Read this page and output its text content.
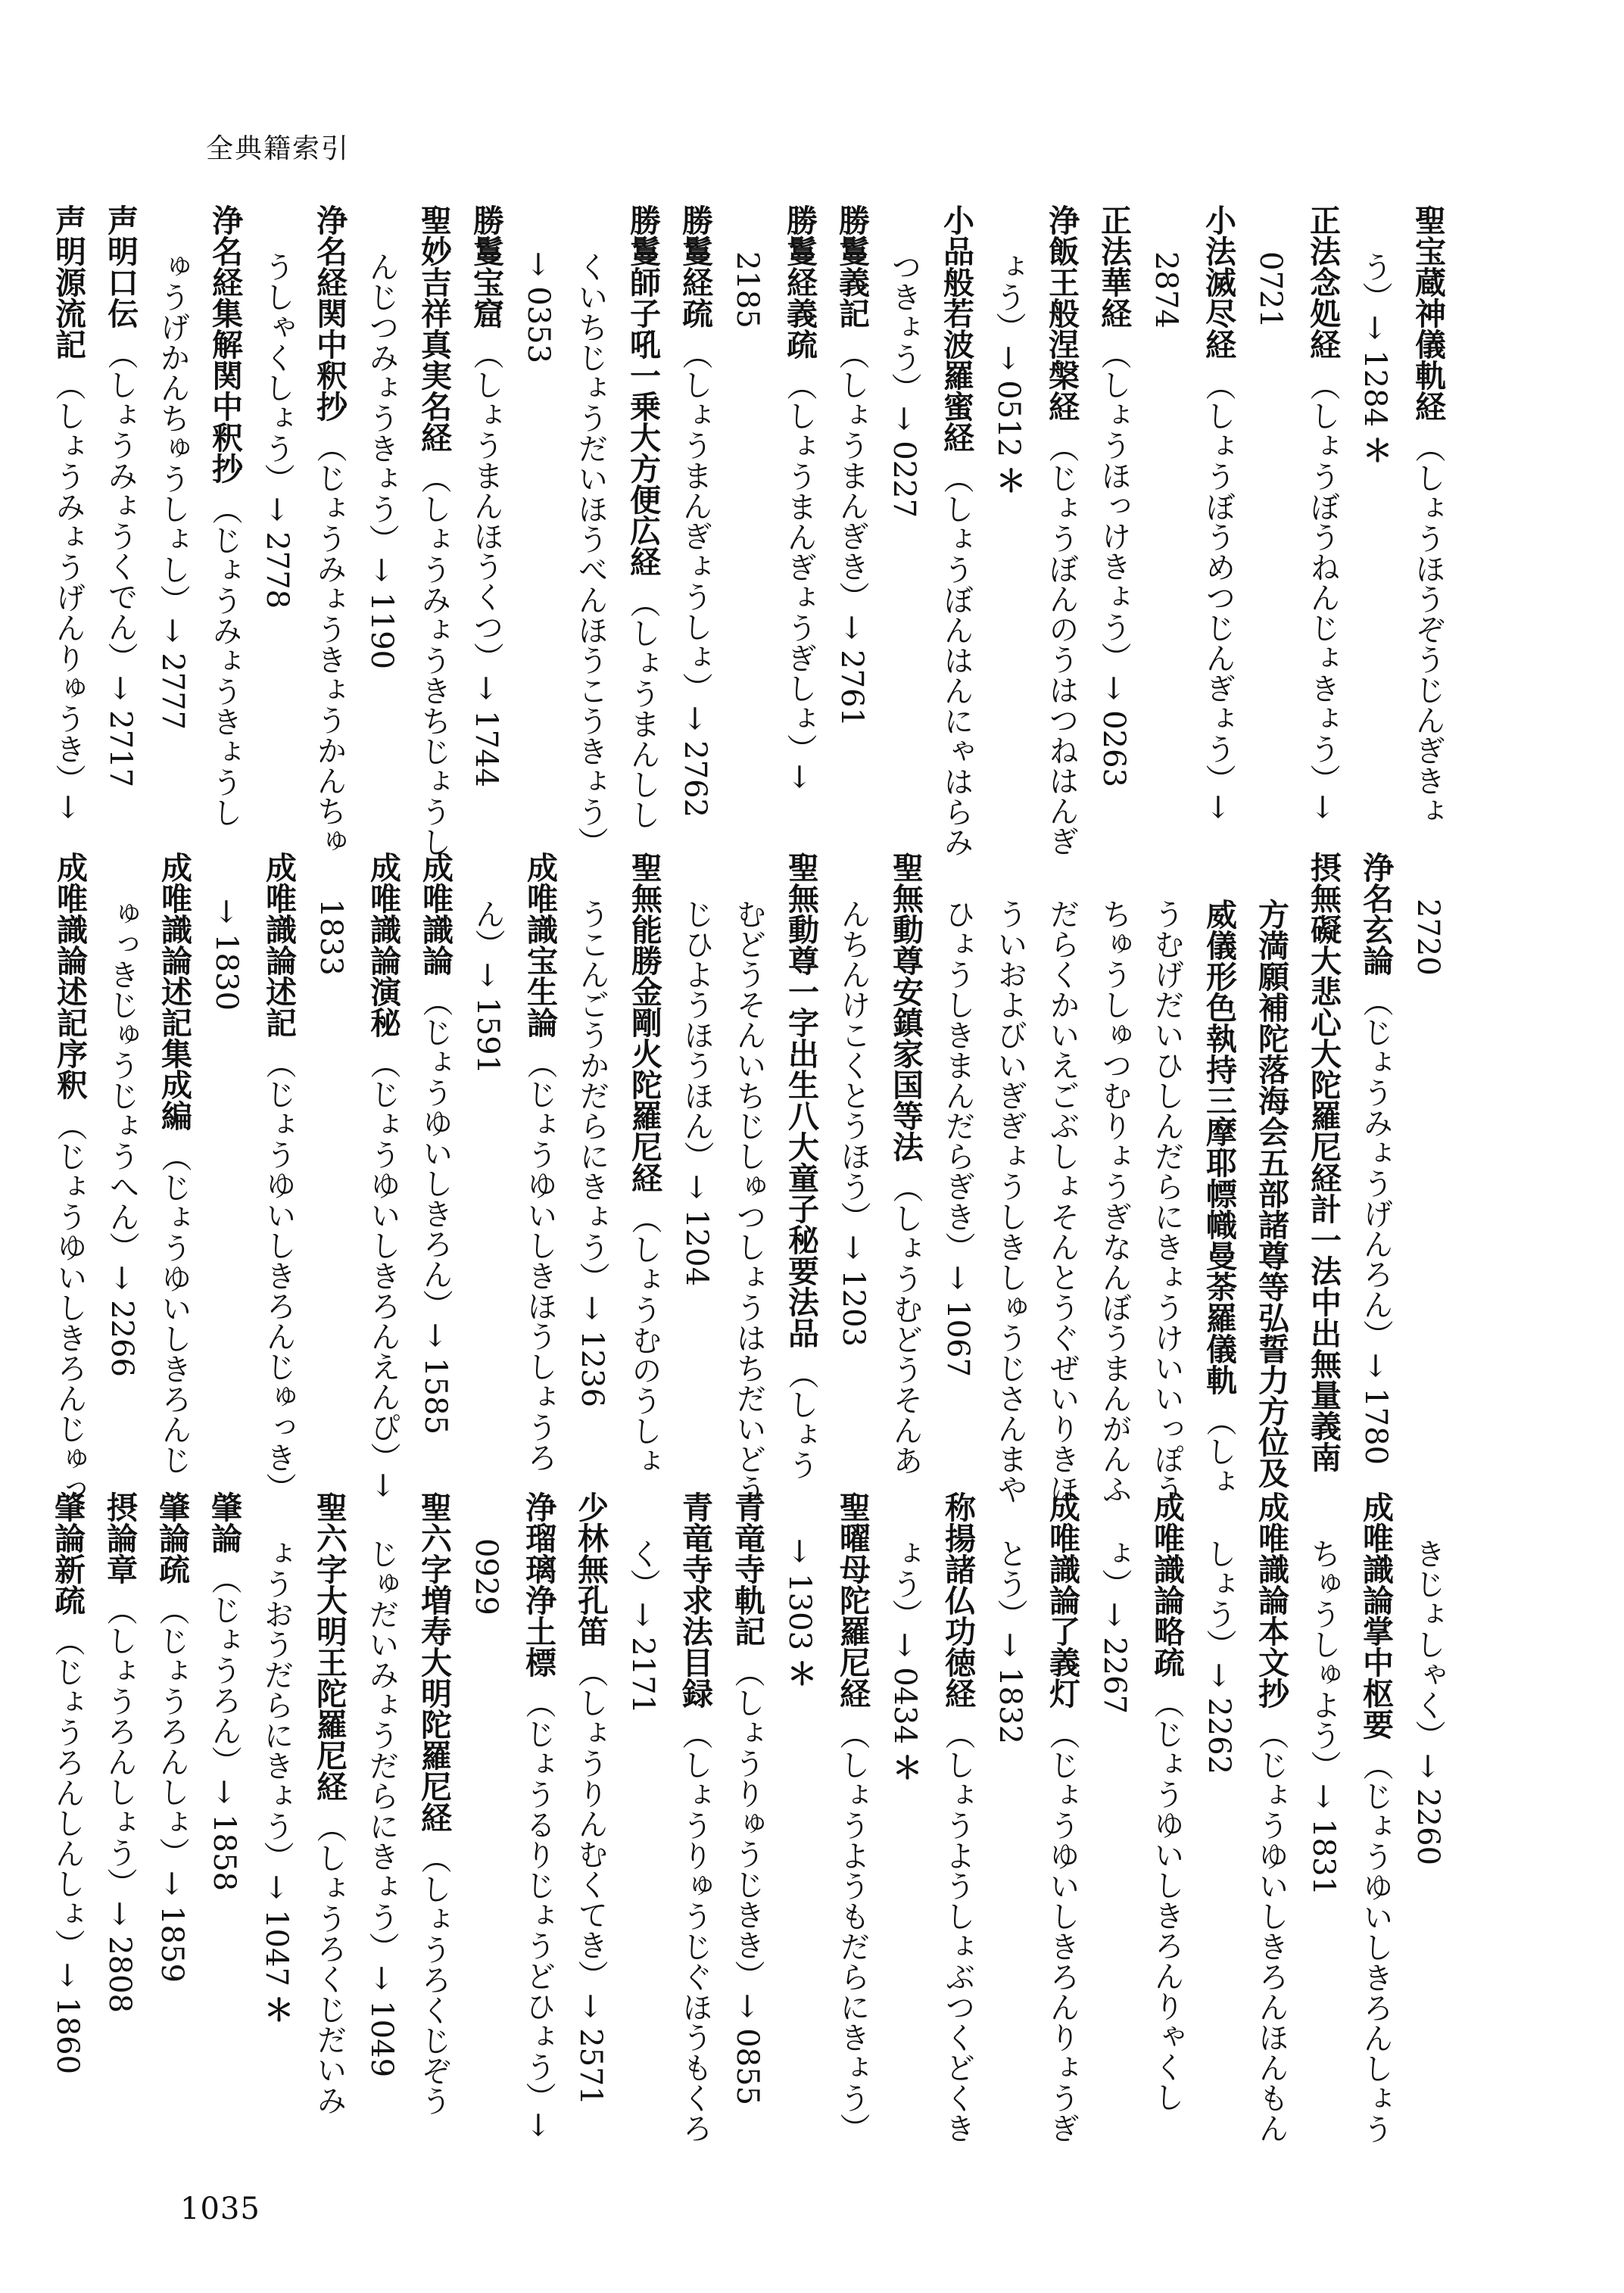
全典籍索引
聖宝蔵神儀軌経（しょうほうぞうじんぎきょ
う）→ 1284＊
正法念処経（しょうぼうねんじょきょう）→
0721
小法滅尽経（しょうぼうめつじんぎょう）→
2874
正法華経（しょうほっけきょう）→ 0263
浄飯王般涅槃経（じょうぼんのうはつねはんぎ
ょう）→ 0512＊
小品般若波羅蜜経（しょうぼんはんにゃはらみ
つきょう）→ 0227
勝鬘義記（しょうまんぎき）→ 2761
勝鬘経義疏（しょうまんぎょうぎしょ）→
2185
勝鬘経疏（しょうまんぎょうしょ）→ 2762
勝鬘師子吼一乗大方便広経（しょうまんしし
くいちじょうだいほうべんほうこうきょう）
→ 0353
勝鬘宝窟（しょうまんほうくつ）→ 1744
聖妙吉祥真実名経（しょうみょうきちじょうし
んじつみょうきょう）→ 1190
浄名経関中釈抄（じょうみょうきょうかんちゅ
うしゃくしょう）→ 2778
浄名経集解関中釈抄（じょうみょうきょうし
ゅうげかんちゅうしょし）→ 2777
声明口伝（しょうみょうくでん）→ 2717
声明源流記（しょうみょうげんりゅうき）→
2720
浄名玄論（じょうみょうげんろん）→ 1780
摂無礙大悲心大陀羅尼経計一法中出無量義南
方満願補陀落海会五部諸尊等弘誓力方位及
威儀形色執持三摩耶幖幟曼荼羅儀軌（しょ
うむげだいひしんだらにきょうけいいっぽう
ちゅうしゅつむりょうぎなんぼうまんがんふ
だらくかいえごぶしょそんとうぐぜいりきほ
ういおよびいぎぎょうしきしゅうじさんまや
ひょうしきまんだらぎき）→ 1067
聖無動尊安鎮家国等法（しょうむどうそんあ
んちんけこくとうほう）→ 1203
聖無動尊一字出生八大童子秘要法品（しょう
むどうそんいちじしゅつしょうはちだいどう
じひようほうほん）→ 1204
聖無能勝金剛火陀羅尼経（しょうむのうしょ
うこんごうかだらにきょう）→ 1236
成唯識宝生論（じょうゆいしきほうしょうろ
ん）→ 1591
成唯識論（じょうゆいしきろん）→ 1585
成唯識論演秘（じょうゆいしきろんえんぴ）→
1833
成唯識論述記（じょうゆいしきろんじゅっき）
→ 1830
成唯識論述記集成編（じょうゆいしきろんじ
ゅっきじゅうじょうへん）→ 2266
成唯識論述記序釈（じょうゆいしきろんじゅっ
きじょしゃく）→ 2260
成唯識論掌中枢要（じょうゆいしきろんしょう
ちゅうしゅよう）→ 1831
成唯識論本文抄（じょうゆいしきろんほんもん
しょう）→ 2262
成唯識論略疏（じょうゆいしきろんりゃくし
ょ）→ 2267
成唯識論了義灯（じょうゆいしきろんりょうぎ
とう）→ 1832
称揚諸仏功徳経（しょうようしょぶつくどくき
ょう）→ 0434＊
聖曜母陀羅尼経（しょうようもだらにきょう）
→ 1303＊
青竜寺軌記（しょうりゅうじきき）→ 0855
青竜寺求法目録（しょうりゅうじぐほうもくろ
く）→ 2171
少林無孔笛（しょうりんむくてき）→ 2571
浄瑠璃浄土標（じょうるりじょうどひょう）→
0929
聖六字増寿大明陀羅尼経（しょうろくじぞう
じゅだいみょうだらにきょう）→ 1049
聖六字大明王陀羅尼経（しょうろくじだいみ
ょうおうだらにきょう）→ 1047＊
肇論（じょうろん）→ 1858
肇論疏（じょうろんしょ）→ 1859
摂論章（しょうろんしょう）→ 2808
肇論新疏（じょうろんしんしょ）→ 1860
1035
